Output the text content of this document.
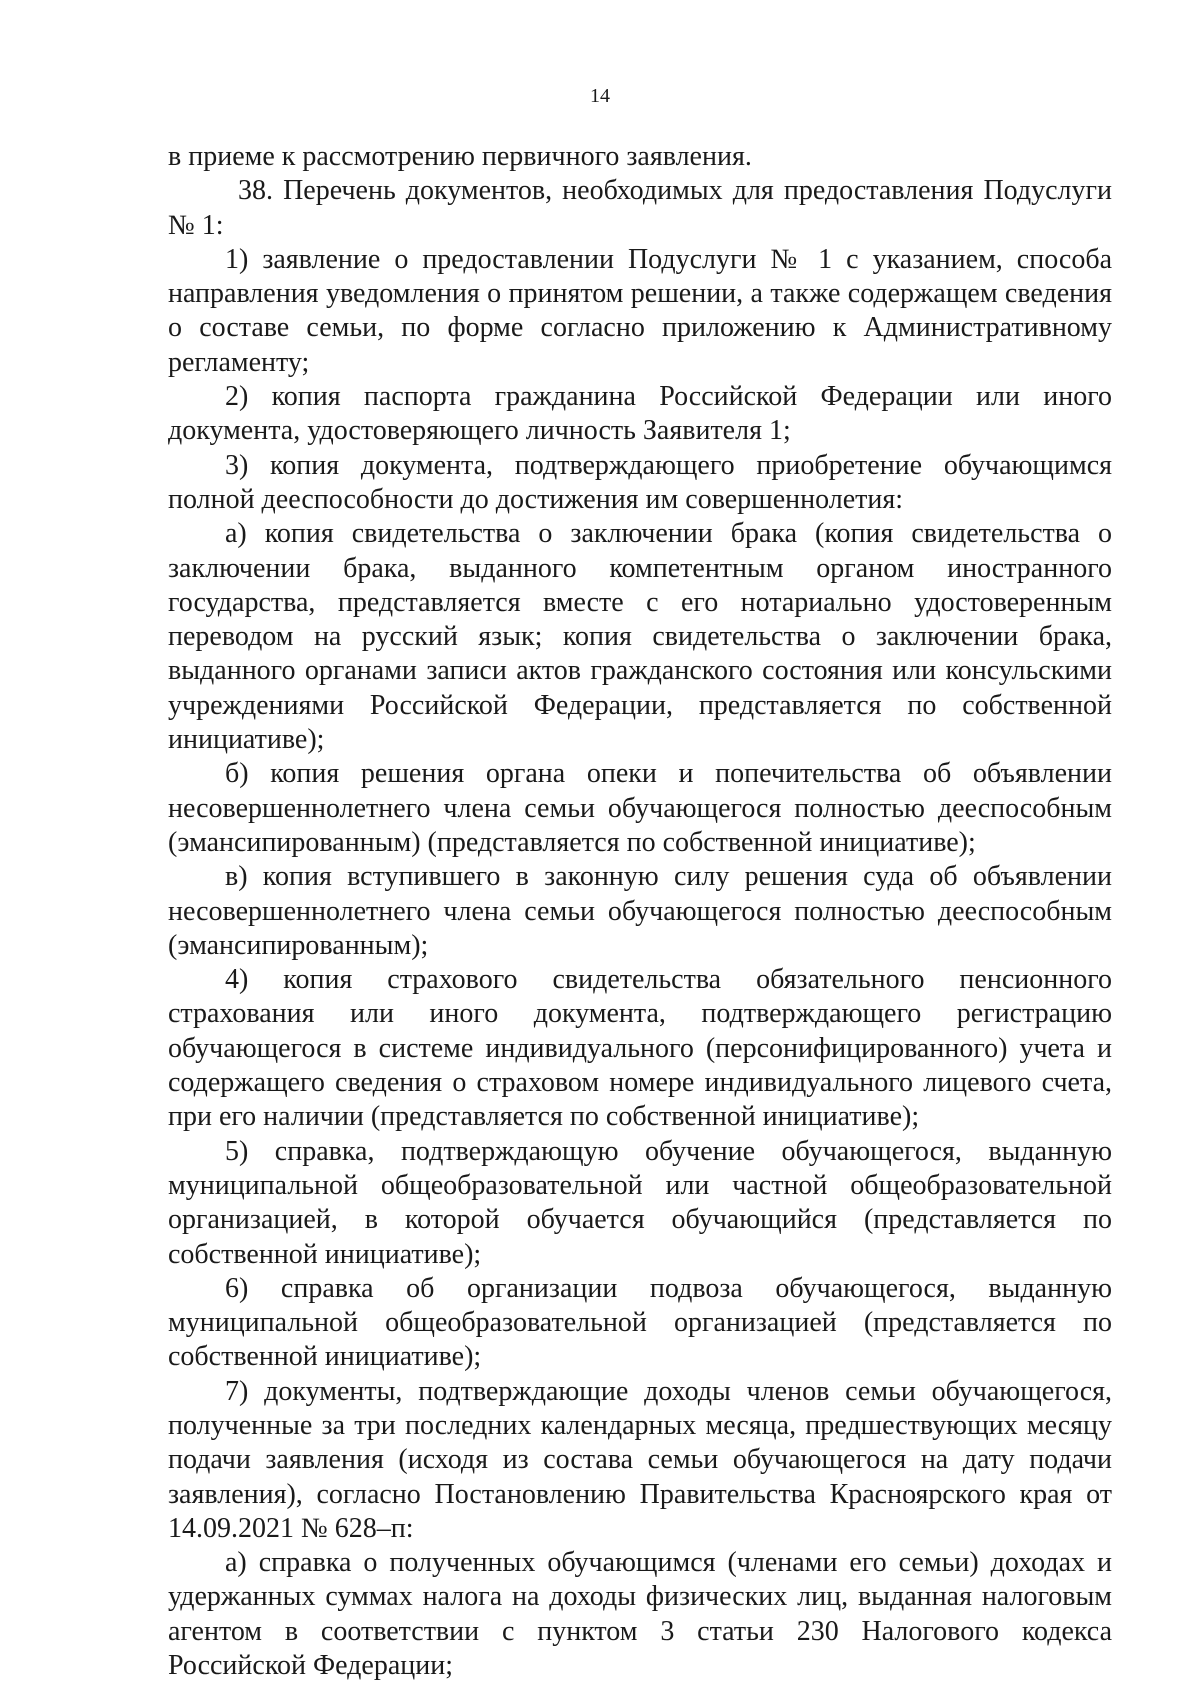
14

в приеме к рассмотрению первичного заявления.

38. Перечень документов, необходимых для предоставления Подуслуги № 1:

1) заявление о предоставлении Подуслуги № 1 с указанием, способа направления уведомления о принятом решении, а также содержащем сведения о составе семьи, по форме согласно приложению к Административному регламенту;

2) копия паспорта гражданина Российской Федерации или иного документа, удостоверяющего личность Заявителя 1;

3) копия документа, подтверждающего приобретение обучающимся полной дееспособности до достижения им совершеннолетия:

а) копия свидетельства о заключении брака (копия свидетельства о заключении брака, выданного компетентным органом иностранного государства, представляется вместе с его нотариально удостоверенным переводом на русский язык; копия свидетельства о заключении брака, выданного органами записи актов гражданского состояния или консульскими учреждениями Российской Федерации, представляется по собственной инициативе);

б) копия решения органа опеки и попечительства об объявлении несовершеннолетнего члена семьи обучающегося полностью дееспособным (эмансипированным) (представляется по собственной инициативе);

в) копия вступившего в законную силу решения суда об объявлении несовершеннолетнего члена семьи обучающегося полностью дееспособным (эмансипированным);

4) копия страхового свидетельства обязательного пенсионного страхования или иного документа, подтверждающего регистрацию обучающегося в системе индивидуального (персонифицированного) учета и содержащего сведения о страховом номере индивидуального лицевого счета, при его наличии (представляется по собственной инициативе);

5) справка, подтверждающую обучение обучающегося, выданную муниципальной общеобразовательной или частной общеобразовательной организацией, в которой обучается обучающийся (представляется по собственной инициативе);

6) справка об организации подвоза обучающегося, выданную муниципальной общеобразовательной организацией (представляется по собственной инициативе);

7) документы, подтверждающие доходы членов семьи обучающегося, полученные за три последних календарных месяца, предшествующих месяцу подачи заявления (исходя из состава семьи обучающегося на дату подачи заявления), согласно Постановлению Правительства Красноярского края от 14.09.2021 № 628–п:

а) справка о полученных обучающимся (членами его семьи) доходах и удержанных суммах налога на доходы физических лиц, выданная налоговым агентом в соответствии с пунктом 3 статьи 230 Налогового кодекса Российской Федерации;
